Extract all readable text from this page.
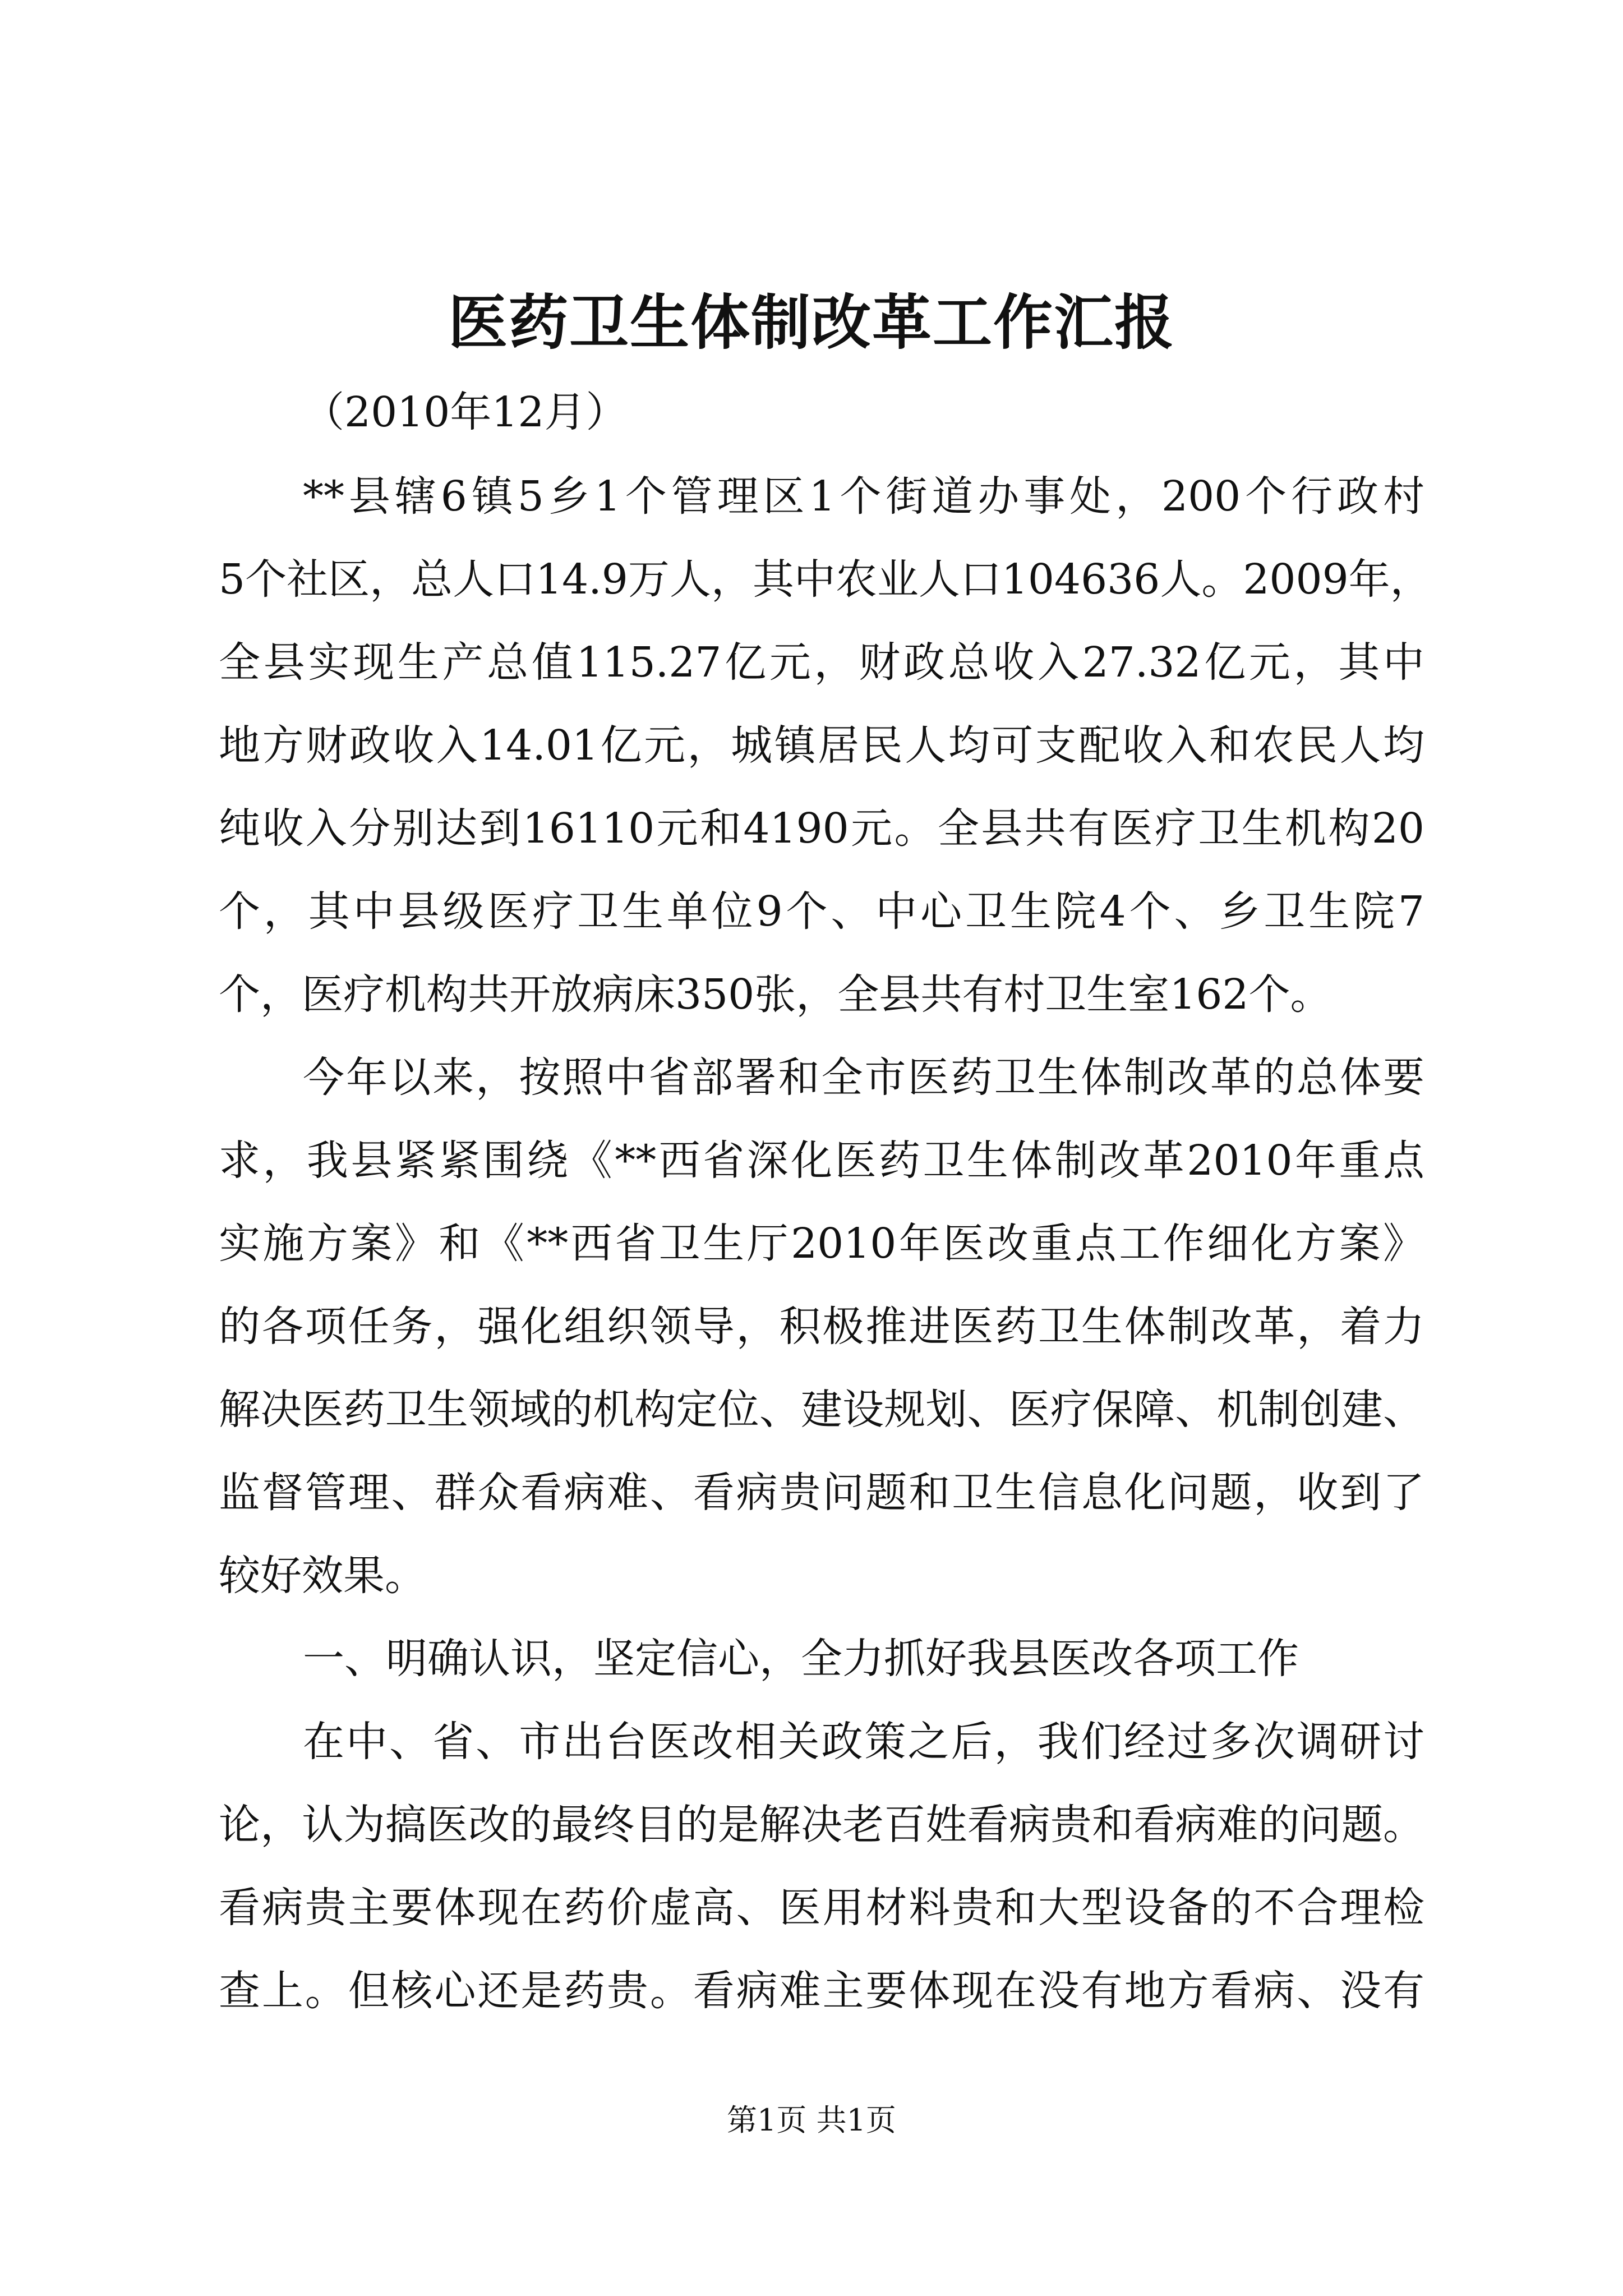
医药卫生体制改革工作汇报

（2010年12月）

**县辖6镇5乡1个管理区1个街道办事处，200个行政村

5个社区，总人口14.9万人，其中农业人口104636人。2009年，

全县实现生产总值115.27亿元，财政总收入27.32亿元，其中

地方财政收入14.01亿元，城镇居民人均可支配收入和农民人均

纯收入分别达到16110元和4190元。全县共有医疗卫生机构20

个，其中县级医疗卫生单位9个、中心卫生院4个、乡卫生院7

个，医疗机构共开放病床350张，全县共有村卫生室162个。

今年以来，按照中省部署和全市医药卫生体制改革的总体要

求，我县紧紧围绕《**西省深化医药卫生体制改革2010年重点

实施方案》和《**西省卫生厅2010年医改重点工作细化方案》

的各项任务，强化组织领导，积极推进医药卫生体制改革，着力

解决医药卫生领域的机构定位、建设规划、医疗保障、机制创建、

监督管理、群众看病难、看病贵问题和卫生信息化问题，收到了

较好效果。

一、明确认识，坚定信心，全力抓好我县医改各项工作

在中、省、市出台医改相关政策之后，我们经过多次调研讨

论，认为搞医改的最终目的是解决老百姓看病贵和看病难的问题。

看病贵主要体现在药价虚高、医用材料贵和大型设备的不合理检

查上。但核心还是药贵。看病难主要体现在没有地方看病、没有

第1页 共1页
